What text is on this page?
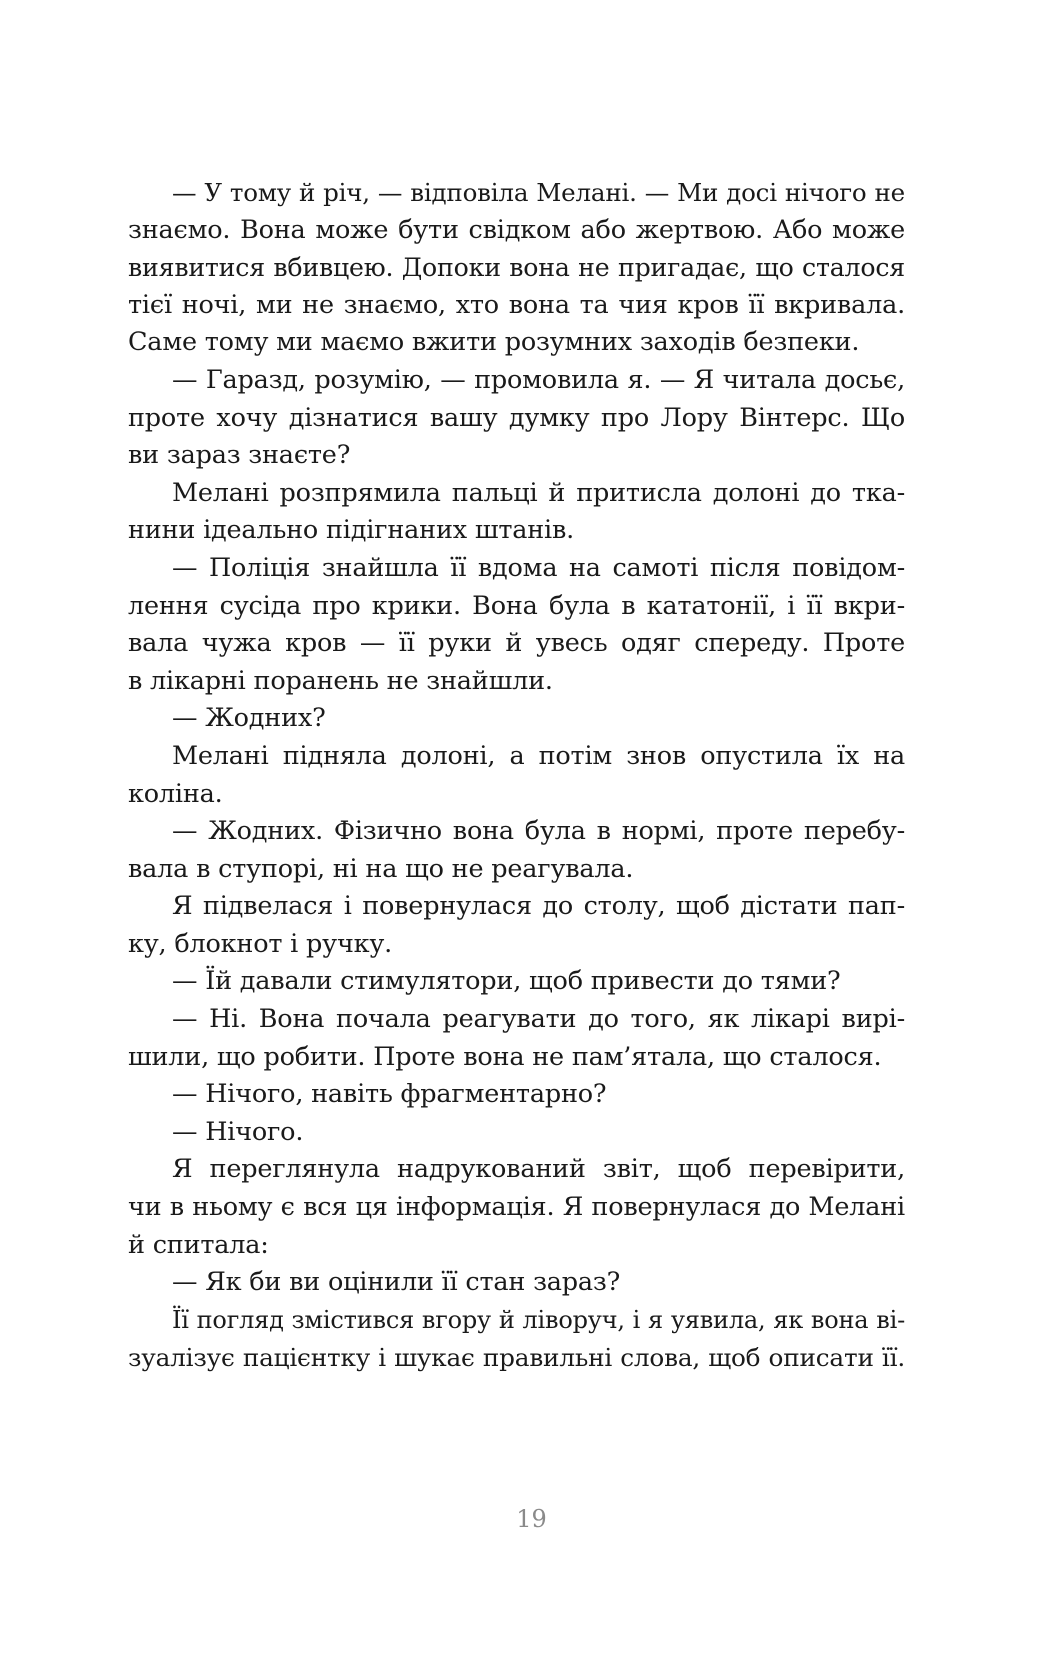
— У тому й річ, — відповіла Мелані. — Ми досі нічого не
знаємо. Вона може бути свідком або жертвою. Або може
виявитися вбивцею. Допоки вона не пригадає, що сталося
тієї ночі, ми не знаємо, хто вона та чия кров її вкривала.
Саме тому ми маємо вжити розумних заходів безпеки.
— Гаразд, розумію, — промовила я. — Я читала досьє,
проте хочу дізнатися вашу думку про Лору Вінтерс. Що
ви зараз знаєте?
Мелані розпрямила пальці й притисла долоні до тка-
нини ідеально підігнаних штанів.
— Поліція знайшла її вдома на самоті після повідом-
лення сусіда про крики. Вона була в кататонії, і її вкри-
вала чужа кров — її руки й увесь одяг спереду. Проте
в лікарні поранень не знайшли.
— Жодних?
Мелані підняла долоні, а потім знов опустила їх на
коліна.
— Жодних. Фізично вона була в нормі, проте перебу-
вала в ступорі, ні на що не реагувала.
Я підвелася і повернулася до столу, щоб дістати пап-
ку, блокнот і ручку.
— Їй давали стимулятори, щоб привести до тями?
— Ні. Вона почала реагувати до того, як лікарі вирі-
шили, що робити. Проте вона не пам’ятала, що сталося.
— Нічого, навіть фрагментарно?
— Нічого.
Я переглянула надрукований звіт, щоб перевірити,
чи в ньому є вся ця інформація. Я повернулася до Мелані
й спитала:
— Як би ви оцінили її стан зараз?
Її погляд змістився вгору й ліворуч, і я уявила, як вона ві-
зуалізує пацієнтку і шукає правильні слова, щоб описати її.
19
